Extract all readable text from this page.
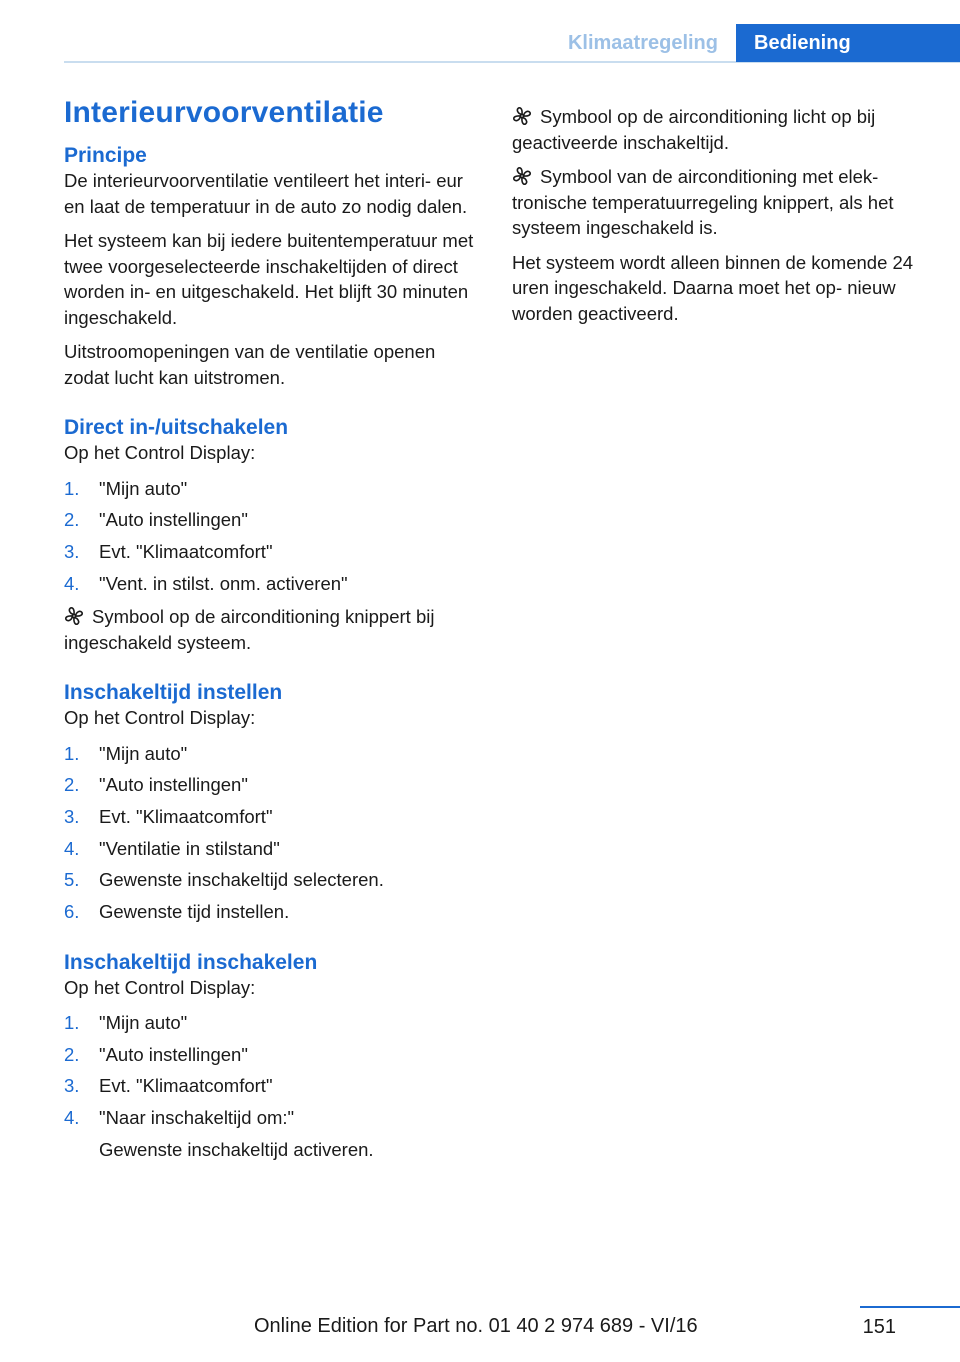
Klimaatregeling	Bediening
Interieurvoorventilatie
Principe

De interieurvoorventilatie ventileert het interi‐ eur en laat de temperatuur in de auto zo nodig dalen.

Het systeem kan bij iedere buitentemperatuur met twee voorgeselecteerde inschakeltijden of direct worden in- en uitgeschakeld. Het blijft 30 minuten ingeschakeld.

Uitstroomopeningen van de ventilatie openen zodat lucht kan uitstromen.

Direct in-/uitschakelen

Op het Control Display:

1. "Mijn auto"
2. "Auto instellingen"
3. Evt. "Klimaatcomfort"
4. "Vent. in stilst. onm. activeren"

Symbool op de airconditioning knippert bij ingeschakeld systeem.

Inschakeltijd instellen

Op het Control Display:

1. "Mijn auto"
2. "Auto instellingen"
3. Evt. "Klimaatcomfort"
4. "Ventilatie in stilstand"
5. Gewenste inschakeltijd selecteren.
6. Gewenste tijd instellen.
Inschakeltijd inschakelen

Op het Control Display:

1. "Mijn auto"
2. "Auto instellingen"
3. Evt. "Klimaatcomfort"
4. "Naar inschakeltijd om:"
Gewenste inschakeltijd activeren.

Symbool op de airconditioning licht op bij geactiveerde inschakeltijd.

Symbool van de airconditioning met elek‐ tronische temperatuurregeling knippert, als het systeem ingeschakeld is.

Het systeem wordt alleen binnen de komende 24 uren ingeschakeld. Daarna moet het op‐ nieuw worden geactiveerd.

Online Edition for Part no. 01 40 2 974 689 - VI/16	151
